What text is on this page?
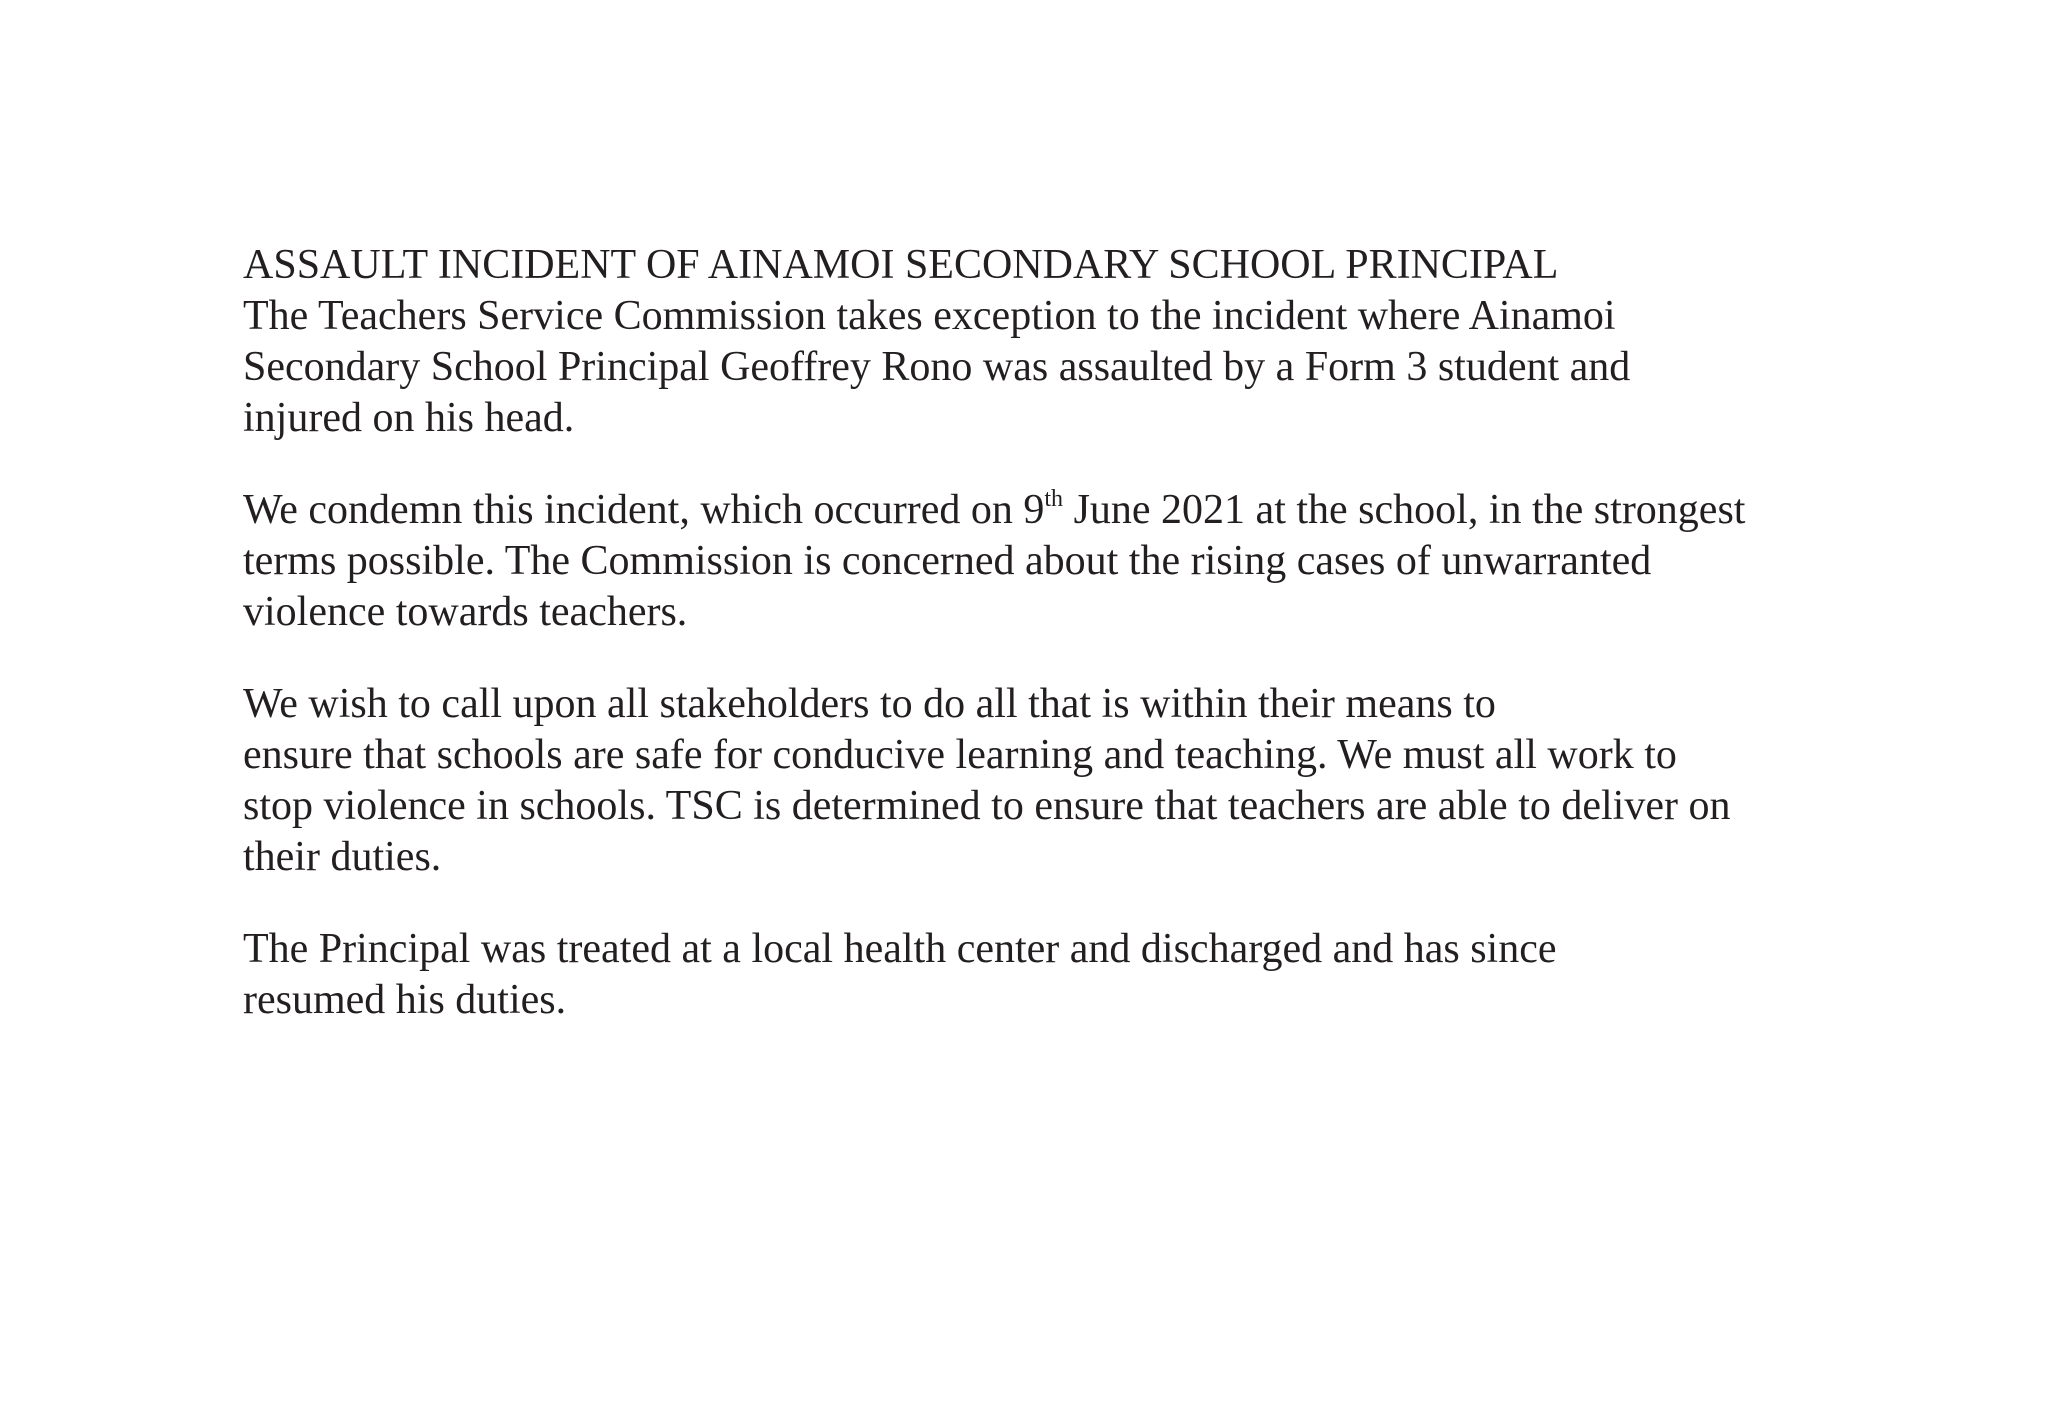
ASSAULT INCIDENT OF AINAMOI SECONDARY SCHOOL PRINCIPAL
The Teachers Service Commission takes exception to the incident where Ainamoi
Secondary School Principal Geoffrey Rono was assaulted by a Form 3 student and
injured on his head.
We condemn this incident, which occurred on 9th June 2021 at the school, in the strongest
terms possible. The Commission is concerned about the rising cases of unwarranted
violence towards teachers.
We wish to call upon all stakeholders to do all that is within their means to
ensure that schools are safe for conducive learning and teaching. We must all work to
stop violence in schools. TSC is determined to ensure that teachers are able to deliver on
their duties.
The Principal was treated at a local health center and discharged and has since
resumed his duties.
